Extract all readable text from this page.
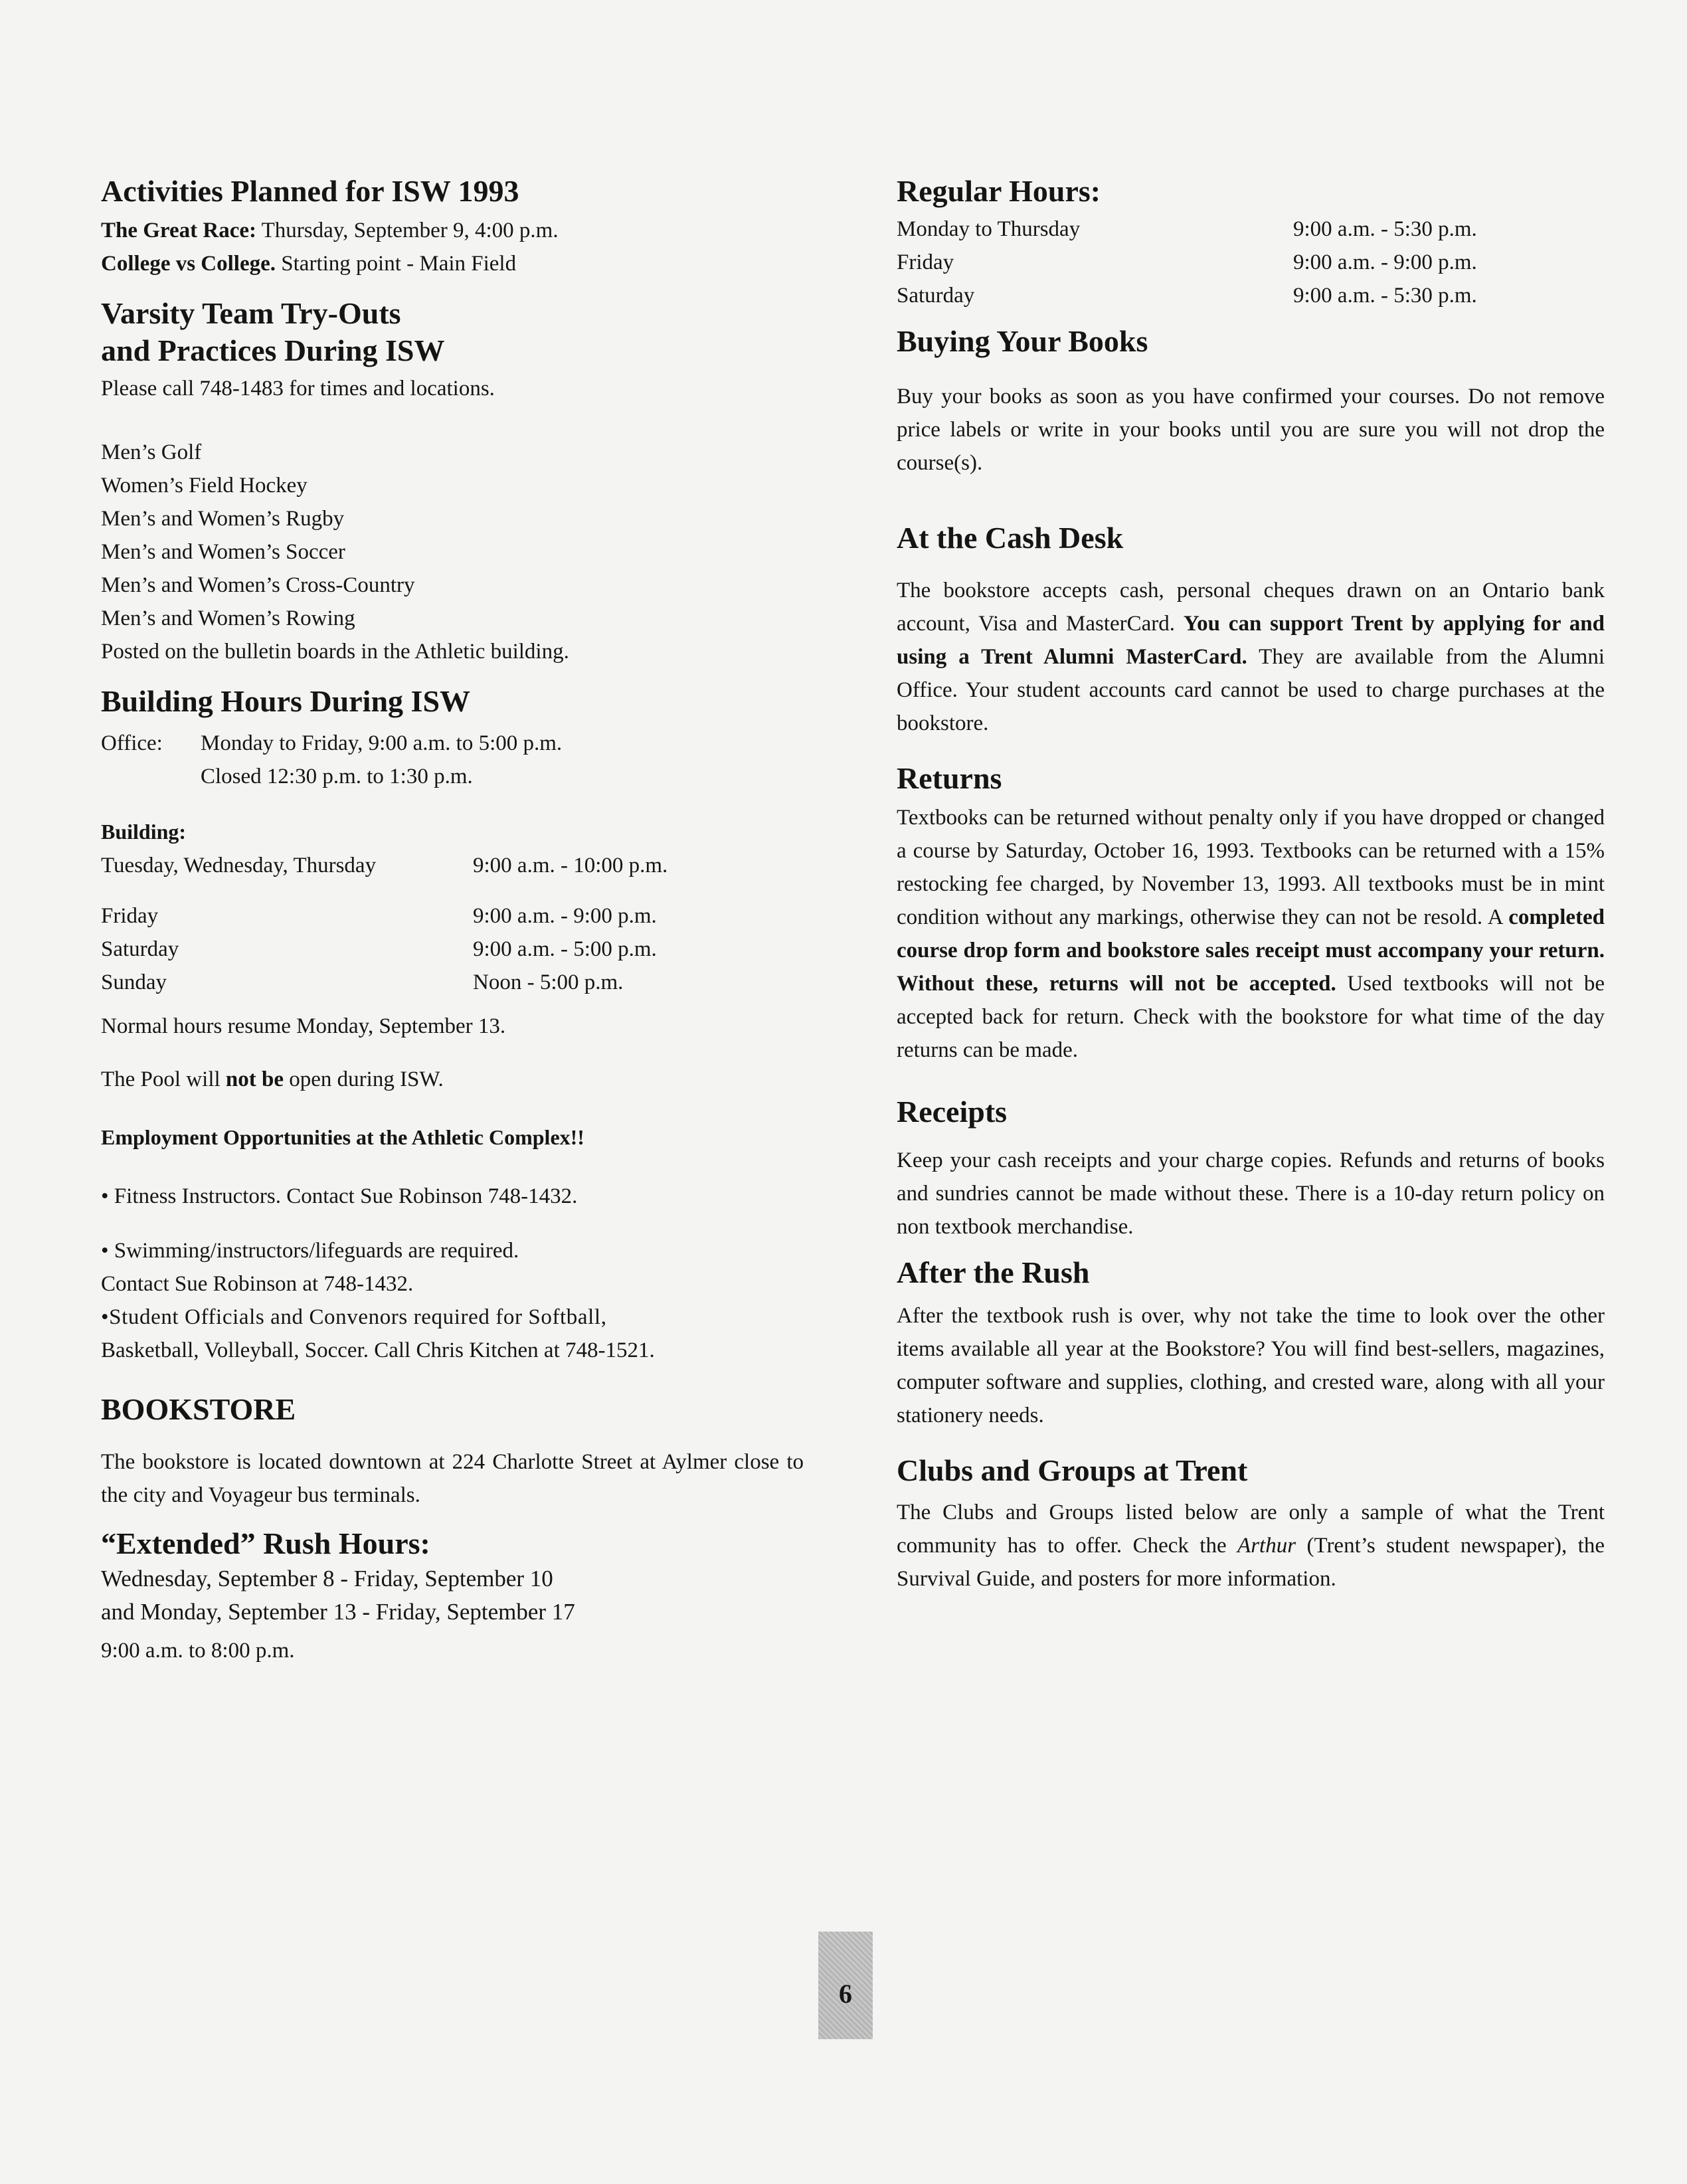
Activities Planned for ISW 1993
The Great Race: Thursday, September 9, 4:00 p.m.
College vs College. Starting point - Main Field
Varsity Team Try-Outs
and Practices During ISW
Please call 748-1483 for times and locations.
Men’s Golf
Women’s Field Hockey
Men’s and Women’s Rugby
Men’s and Women’s Soccer
Men’s and Women’s Cross-Country
Men’s and Women’s Rowing
Posted on the bulletin boards in the Athletic building.
Building Hours During ISW
Office:	Monday to Friday, 9:00 a.m. to 5:00 p.m.
Closed 12:30 p.m. to 1:30 p.m.
Building:
Tuesday, Wednesday, Thursday	9:00 a.m. - 10:00 p.m.
Friday	9:00 a.m. - 9:00 p.m.
Saturday	9:00 a.m. - 5:00 p.m.
Sunday	Noon - 5:00 p.m.
Normal hours resume Monday, September 13.
The Pool will not be open during ISW.
Employment Opportunities at the Athletic Complex!!
• Fitness Instructors. Contact Sue Robinson 748-1432.
• Swimming/instructors/lifeguards are required.
Contact Sue Robinson at 748-1432.
•Student Officials and Convenors required for Softball,
Basketball, Volleyball, Soccer. Call Chris Kitchen at 748-1521.
BOOKSTORE

The bookstore is located downtown at 224 Charlotte Street at Aylmer close to the city and Voyageur bus terminals.

“Extended” Rush Hours:
Wednesday, September 8 - Friday, September 10
and Monday, September 13 - Friday, September 17
9:00 a.m. to 8:00 p.m.
Regular Hours:
Monday to Thursday	9:00 a.m. - 5:30 p.m.
Friday	9:00 a.m. - 9:00 p.m.
Saturday	9:00 a.m. - 5:30 p.m.
Buying Your Books

Buy your books as soon as you have confirmed your courses. Do not remove price labels or write in your books until you are sure you will not drop the course(s).

At the Cash Desk

The bookstore accepts cash, personal cheques drawn on an Ontario bank account, Visa and MasterCard. You can support Trent by applying for and using a Trent Alumni MasterCard. They are available from the Alumni Office. Your student accounts card cannot be used to charge purchases at the bookstore.

Returns

Textbooks can be returned without penalty only if you have dropped or changed a course by Saturday, October 16, 1993. Textbooks can be returned with a 15% restocking fee charged, by November 13, 1993. All textbooks must be in mint condition without any markings, otherwise they can not be resold. A completed course drop form and bookstore sales receipt must accompany your return. Without these, returns will not be accepted. Used textbooks will not be accepted back for return. Check with the bookstore for what time of the day returns can be made.

Receipts

Keep your cash receipts and your charge copies. Refunds and returns of books and sundries cannot be made without these. There is a 10-day return policy on non textbook merchandise.

After the Rush

After the textbook rush is over, why not take the time to look over the other items available all year at the Bookstore? You will find best-sellers, magazines, computer software and supplies, clothing, and crested ware, along with all your stationery needs.

Clubs and Groups at Trent

The Clubs and Groups listed below are only a sample of what the Trent community has to offer. Check the Arthur (Trent’s student newspaper), the Survival Guide, and posters for more information.

6
